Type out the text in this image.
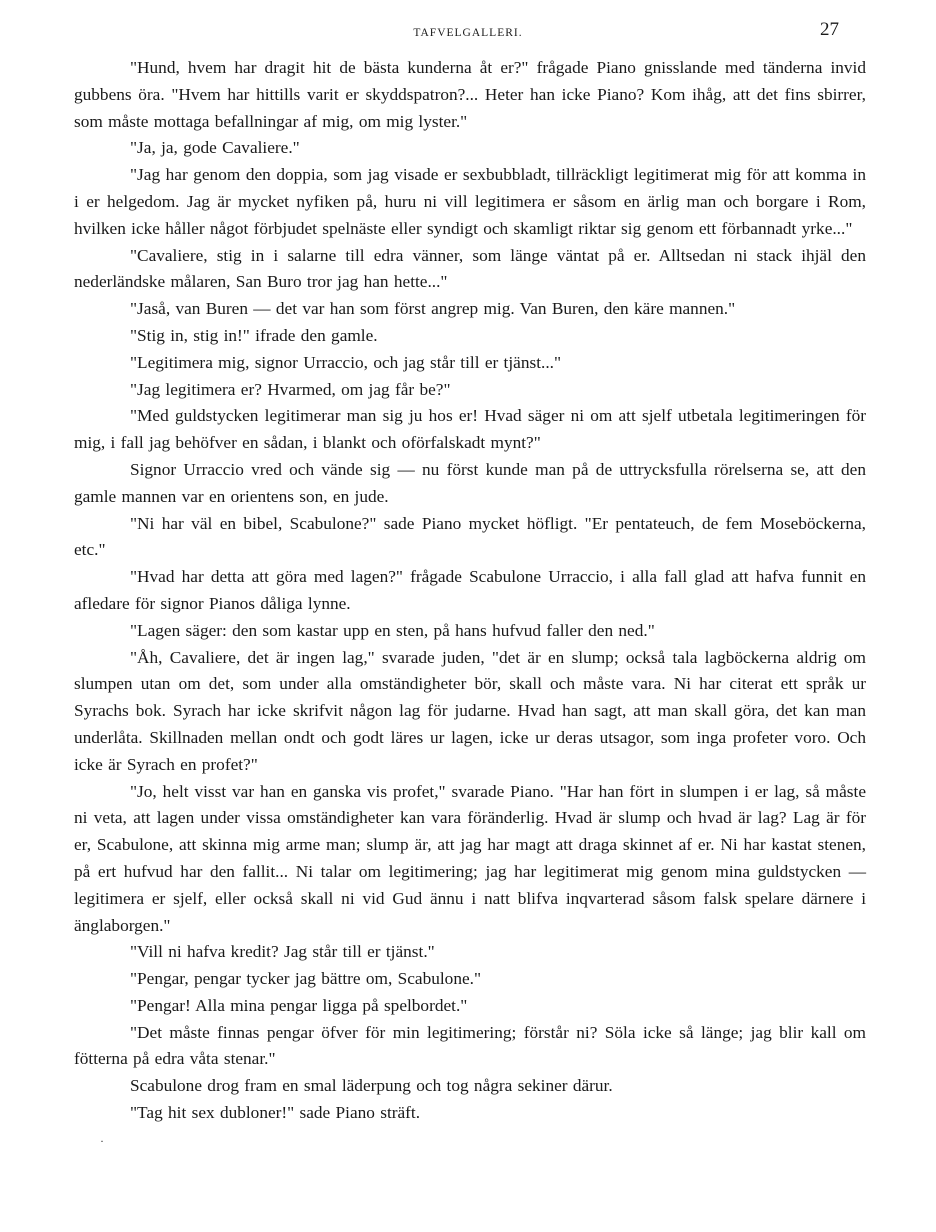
TAFVELGALLERI.	27
·

"Hund, hvem har dragit hit de bästa kunderna åt er?" frågade Piano gnisslande med tänderna invid gubbens öra. "Hvem har hittills varit er skyddspatron?... Heter han icke Piano? Kom ihåg, att det fins sbirrer, som måste mottaga befallningar af mig, om mig lyster."

"Ja, ja, gode Cavaliere."

"Jag har genom den doppia, som jag visade er sexbubbladt, tillräckligt legitimerat mig för att komma in i er helgedom. Jag är mycket nyfiken på, huru ni vill legitimera er såsom en ärlig man och borgare i Rom, hvilken icke håller något förbjudet spelnäste eller syndigt och skamligt riktar sig genom ett förbannadt yrke..."

"Cavaliere, stig in i salarne till edra vänner, som länge väntat på er. Alltsedan ni stack ihjäl den nederländske målaren, San Buro tror jag han hette..."

"Jaså, van Buren — det var han som först angrep mig. Van Buren, den käre mannen."

"Stig in, stig in!" ifrade den gamle.

"Legitimera mig, signor Urraccio, och jag står till er tjänst..."

"Jag legitimera er? Hvarmed, om jag får be?"

"Med guldstycken legitimerar man sig ju hos er! Hvad säger ni om att sjelf utbetala legitimeringen för mig, i fall jag behöfver en sådan, i blankt och oförfalskadt mynt?"

Signor Urraccio vred och vände sig — nu först kunde man på de uttrycksfulla rörelserna se, att den gamle mannen var en orientens son, en jude.

"Ni har väl en bibel, Scabulone?" sade Piano mycket höfligt. "Er pentateuch, de fem Moseböckerna, etc."

"Hvad har detta att göra med lagen?" frågade Scabulone Urraccio, i alla fall glad att hafva funnit en afledare för signor Pianos dåliga lynne.

"Lagen säger: den som kastar upp en sten, på hans hufvud faller den ned."

"Åh, Cavaliere, det är ingen lag," svarade juden, "det är en slump; också tala lagböckerna aldrig om slumpen utan om det, som under alla omständigheter bör, skall och måste vara. Ni har citerat ett språk ur Syrachs bok. Syrach har icke skrifvit någon lag för judarne. Hvad han sagt, att man skall göra, det kan man underlåta. Skillnaden mellan ondt och godt läres ur lagen, icke ur deras utsagor, som inga profeter voro. Och icke är Syrach en profet?"

"Jo, helt visst var han en ganska vis profet," svarade Piano. "Har han fört in slumpen i er lag, så måste ni veta, att lagen under vissa omständigheter kan vara föränderlig. Hvad är slump och hvad är lag? Lag är för er, Scabulone, att skinna mig arme man; slump är, att jag har magt att draga skinnet af er. Ni har kastat stenen, på ert hufvud har den fallit... Ni talar om legitimering; jag har legitimerat mig genom mina guldstycken — legitimera er sjelf, eller också skall ni vid Gud ännu i natt blifva inqvarterad såsom falsk spelare därnere i änglaborgen."

"Vill ni hafva kredit? Jag står till er tjänst."

"Pengar, pengar tycker jag bättre om, Scabulone."

"Pengar! Alla mina pengar ligga på spelbordet."

"Det måste finnas pengar öfver för min legitimering; förstår ni? Söla icke så länge; jag blir kall om fötterna på edra våta stenar."

Scabulone drog fram en smal läderpung och tog några sekiner därur.

"Tag hit sex dubloner!" sade Piano sträft.
